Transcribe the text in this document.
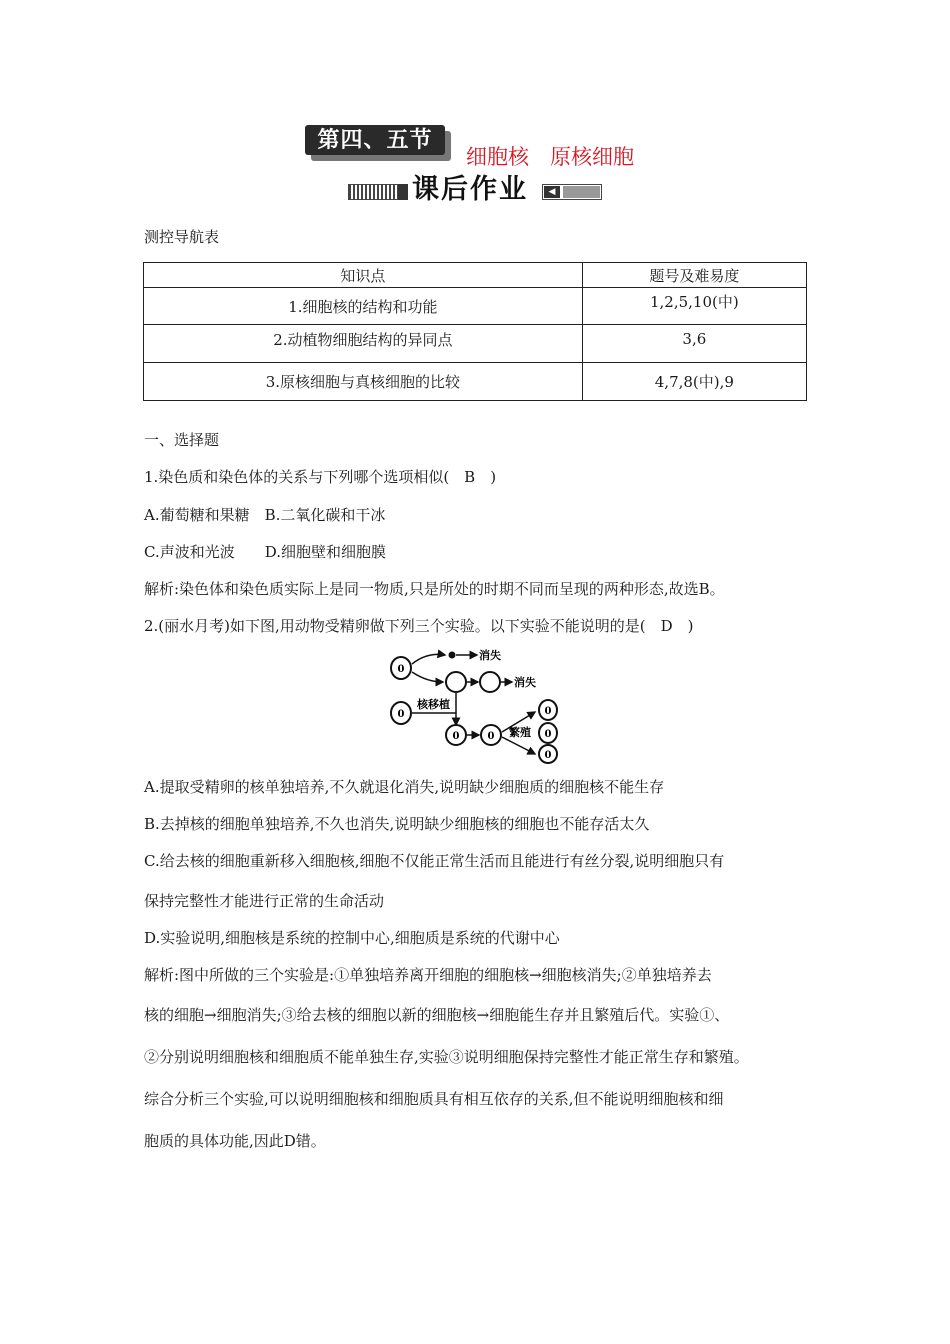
第四、五节
细胞核　原核细胞
课后作业	◀
测控导航表
知识点	题号及难易度
1.细胞核的结构和功能	1,2,5,10(中)
2.动植物细胞结构的异同点	3,6
3.原核细胞与真核细胞的比较	4,7,8(中),9
一、选择题
1.染色质和染色体的关系与下列哪个选项相似(　B　)
A.葡萄糖和果糖　B.二氧化碳和干冰
C.声波和光波　　D.细胞壁和细胞膜
解析:染色体和染色质实际上是同一物质,只是所处的时期不同而呈现的两种形态,故选B。
2.(丽水月考)如下图,用动物受精卵做下列三个实验。以下实验不能说明的是(　D　)
0
消失
消失
0
核移植
0	0 繁殖
0
0
0
A.提取受精卵的核单独培养,不久就退化消失,说明缺少细胞质的细胞核不能生存
B.去掉核的细胞单独培养,不久也消失,说明缺少细胞核的细胞也不能存活太久
C.给去核的细胞重新移入细胞核,细胞不仅能正常生活而且能进行有丝分裂,说明细胞只有
保持完整性才能进行正常的生命活动
D.实验说明,细胞核是系统的控制中心,细胞质是系统的代谢中心
解析:图中所做的三个实验是:①单独培养离开细胞的细胞核→细胞核消失;②单独培养去
核的细胞→细胞消失;③给去核的细胞以新的细胞核→细胞能生存并且繁殖后代。实验①、
②分别说明细胞核和细胞质不能单独生存,实验③说明细胞保持完整性才能正常生存和繁殖。
综合分析三个实验,可以说明细胞核和细胞质具有相互依存的关系,但不能说明细胞核和细
胞质的具体功能,因此D错。
